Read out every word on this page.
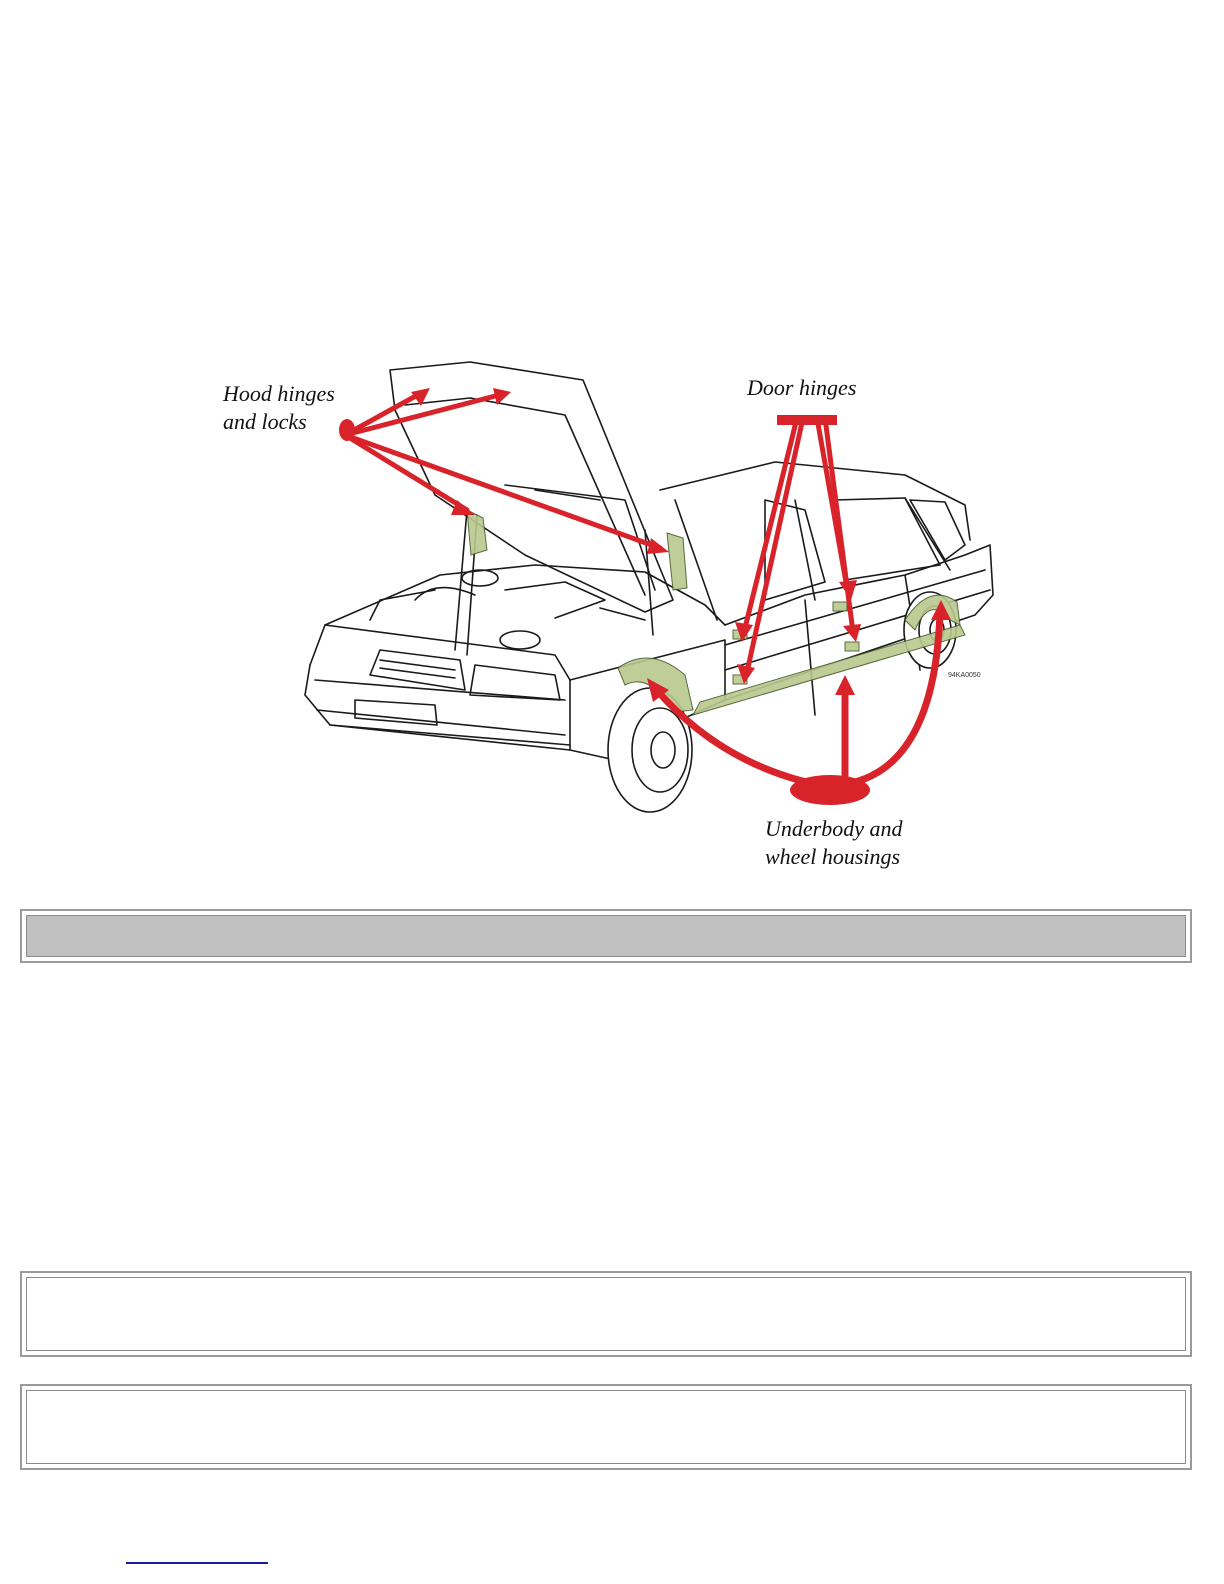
Hood hinges
and locks
Door hinges
Underbody and
wheel housings
94KA0050
